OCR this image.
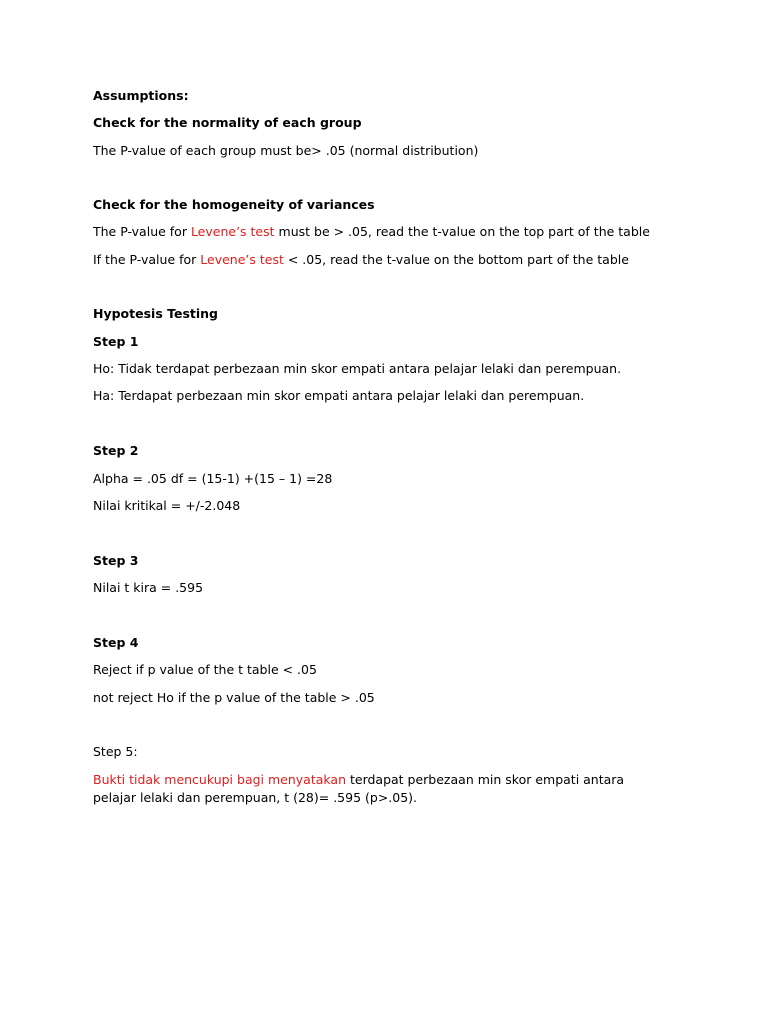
Assumptions:
Check for the normality of each group
The P-value of each group must be> .05 (normal distribution)
Check for the homogeneity of variances
The P-value for Levene’s test must be > .05, read the t-value on the top part of the table
If the P-value for Levene’s test < .05, read the t-value on the bottom part of the table
Hypotesis Testing
Step 1
Ho: Tidak terdapat perbezaan min skor empati antara pelajar lelaki dan perempuan.
Ha: Terdapat perbezaan min skor empati antara pelajar lelaki dan perempuan.
Step 2
Alpha = .05 df = (15-1) +(15 – 1) =28
Nilai kritikal = +/-2.048
Step 3
Nilai t kira = .595
Step 4
Reject if p value of the t table < .05
not reject Ho if the p value of the table > .05
Step 5:
Bukti tidak mencukupi bagi menyatakan terdapat perbezaan min skor empati antara pelajar lelaki dan perempuan, t (28)= .595 (p>.05).
